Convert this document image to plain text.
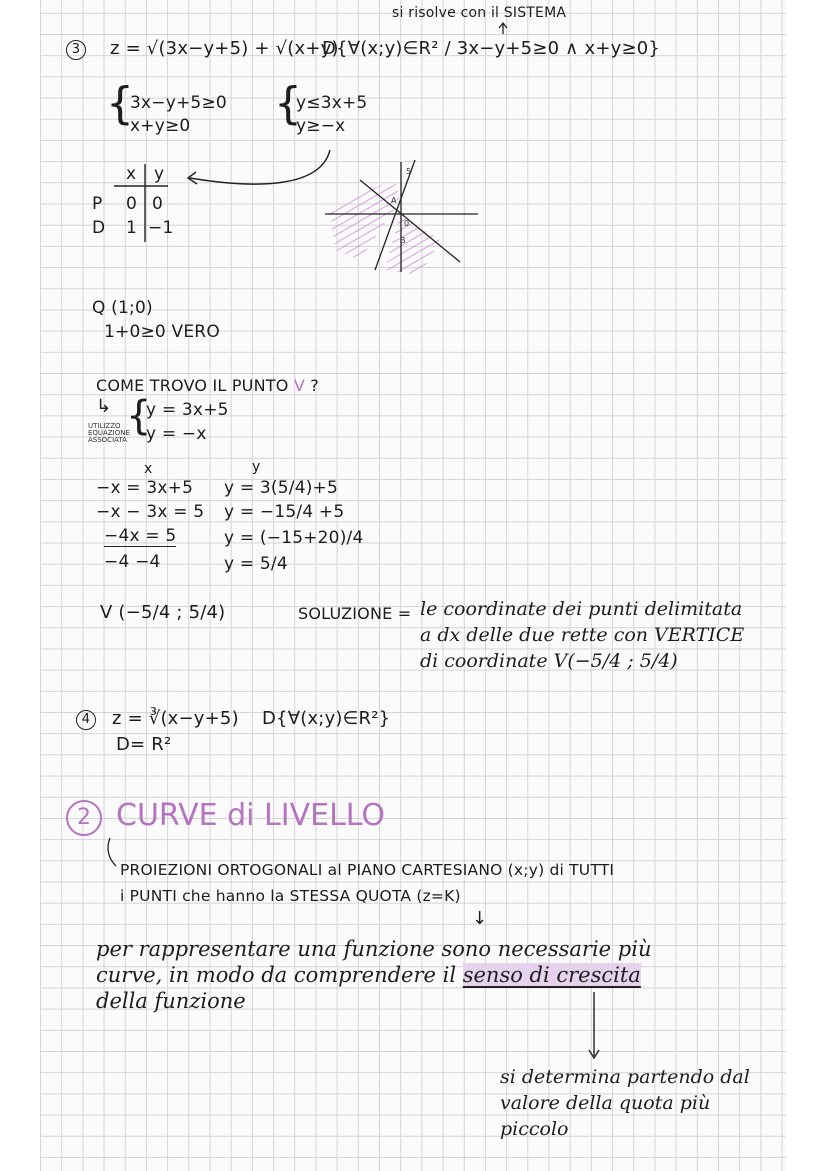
si risolve con il SISTEMA
3	z = √(3x−y+5) + √(x+y)
D{∀(x;y)∈R² / 3x−y+5≥0 ∧ x+y≥0}
{
3x−y+5≥0
x+y≥0 {
y≤3x+5
y≥−x
x y
P 0 0
D 1 −1
5
A
0
B
Q (1;0)
1+0≥0 VERO
COME TROVO IL PUNTO V ?
↳
UTILIZZO
EQUAZIONE
ASSOCIATA
{
y = 3x+5
y = −x
x
−x = 3x+5
−x − 3x = 5
−4x = 5
−4 −4
y
y = 3(5/4)+5
y = −15/4 +5
y = (−15+20)/4
y = 5/4
V (−5/4 ; 5/4)	SOLUZIONE = le coordinate dei punti delimitata
a dx delle due rette con VERTICE
di coordinate V(−5/4 ; 5/4)
4	z = ∛(x−y+5) D{∀(x;y)∈R²}
D= R²
2 CURVE di LIVELLO
PROIEZIONI ORTOGONALI al PIANO CARTESIANO (x;y) di TUTTI
i PUNTI che hanno la STESSA QUOTA (z=K)
↓
per rappresentare una funzione sono necessarie più
curve, in modo da comprendere il senso di crescita
della funzione
si determina partendo dal
valore della quota più
piccolo
